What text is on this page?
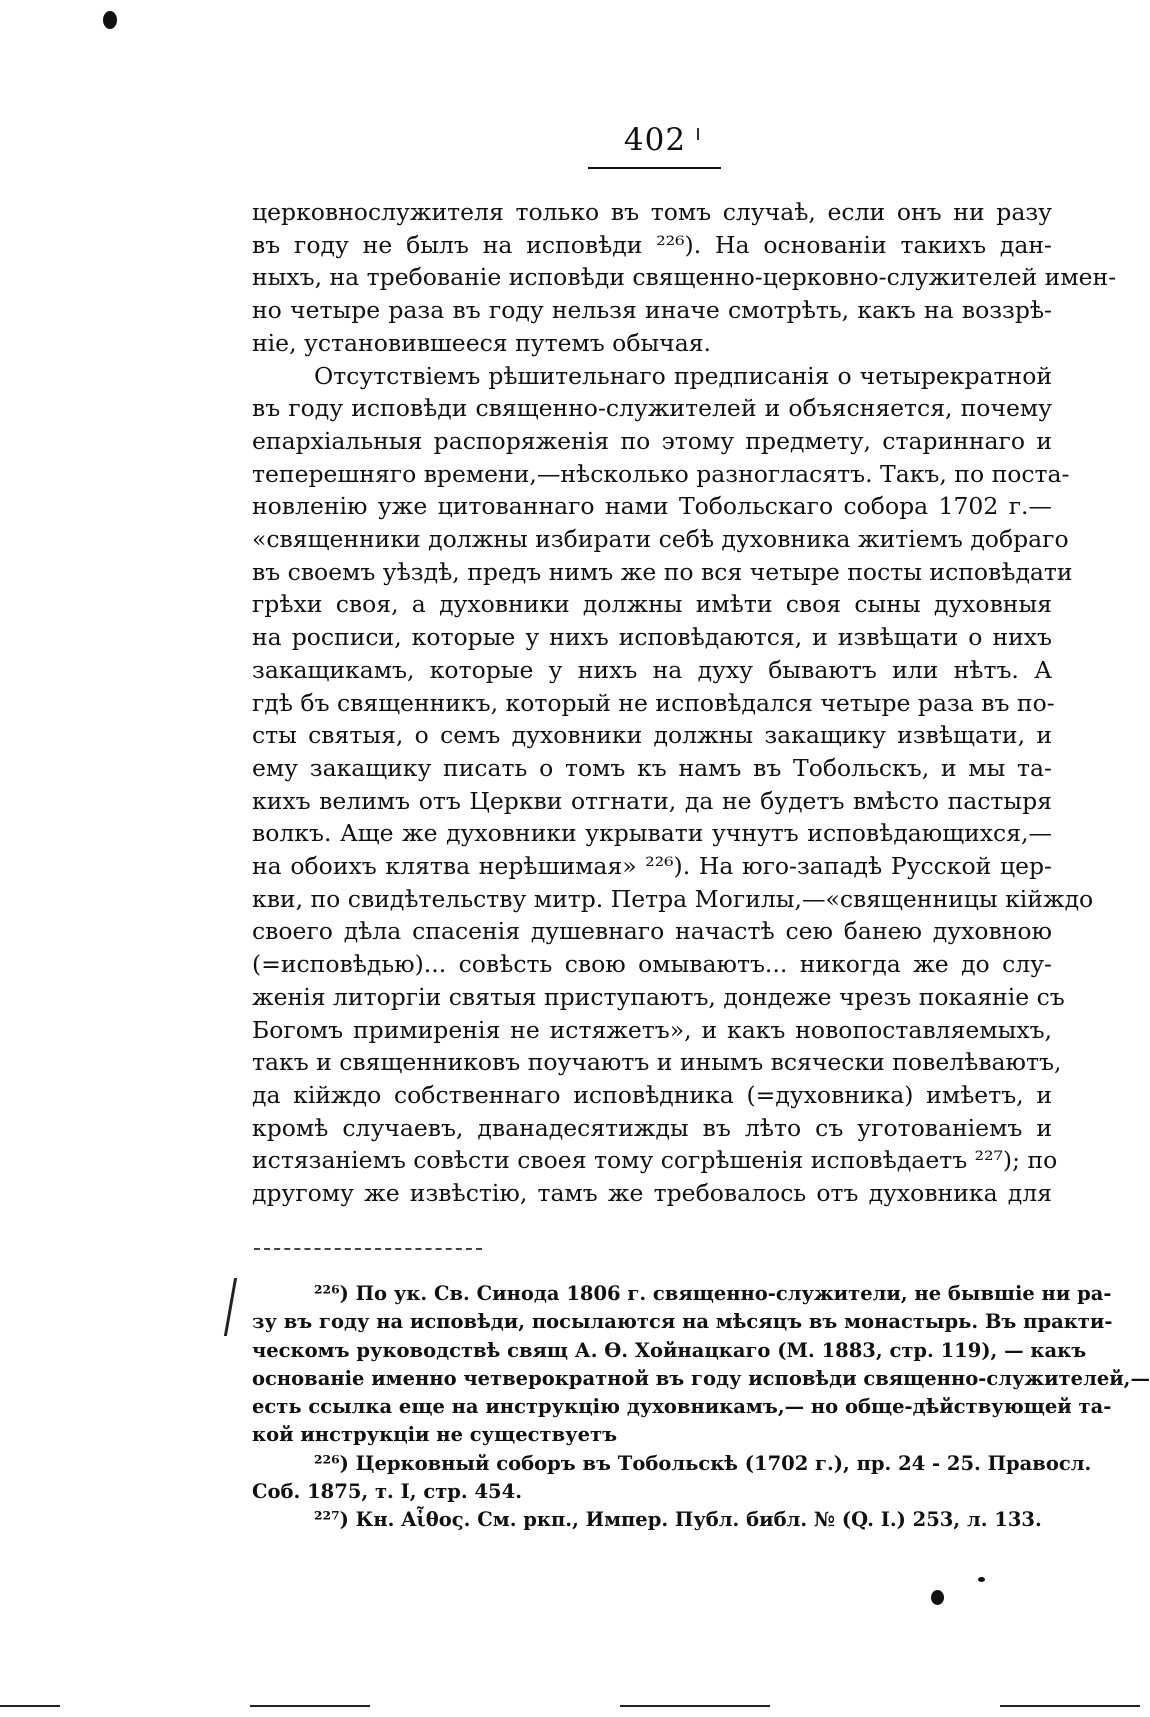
402

церковнослужителя только въ томъ случаѣ, если онъ ни разу
въ году не былъ на исповѣди ²²⁶). На основаніи такихъ дан-
ныхъ, на требованіе исповѣди священно-церковно-служителей имен-
но четыре раза въ году нельзя иначе смотрѣть, какъ на воззрѣ-
ніе, установившееся путемъ обычая.

Отсутствіемъ рѣшительнаго предписанія о четырекратной
въ году исповѣди священно-служителей и объясняется, почему
епархіальныя распоряженія по этому предмету, стариннаго и
теперешняго времени,—нѣсколько разногласятъ. Такъ, по поста-
новленію уже цитованнаго нами Тобольскаго собора 1702 г.—
«священники должны избирати себѣ духовника житіемъ добраго
въ своемъ уѣздѣ, предъ нимъ же по вся четыре посты исповѣдати
грѣхи своя, а духовники должны имѣти своя сыны духовныя
на росписи, которые у нихъ исповѣдаются, и извѣщати о нихъ
закащикамъ, которые у нихъ на духу бываютъ или нѣтъ. А
гдѣ бъ священникъ, который не исповѣдался четыре раза въ по-
сты святыя, о семъ духовники должны закащику извѣщати, и
ему закащику писать о томъ къ намъ въ Тобольскъ, и мы та-
кихъ велимъ отъ Церкви отгнати, да не будетъ вмѣсто пастыря
волкъ. Аще же духовники укрывати учнутъ исповѣдающихся,—
на обоихъ клятва нерѣшимая» ²²⁶). На юго-западѣ Русской цер-
кви, по свидѣтельству митр. Петра Могилы,—«священницы кійждо
своего дѣла спасенія душевнаго начастѣ сею банею духовною
(=исповѣдью)... совѣсть свою омываютъ... никогда же до слу-
женія литоргіи святыя приступаютъ, дондеже чрезъ покаяніе съ
Богомъ примиренія не истяжетъ», и какъ новопоставляемыхъ,
такъ и священниковъ поучаютъ и инымъ всячески повелѣваютъ,
да кійждо собственнаго исповѣдника (=духовника) имѣетъ, и
кромѣ случаевъ, дванадесятижды въ лѣто съ уготованіемъ и
истязаніемъ совѣсти своея тому согрѣшенія исповѣдаетъ ²²⁷); по
другому же извѣстію, тамъ же требовалось отъ духовника для

²²⁶) По ук. Св. Синода 1806 г. священно-служители, не бывшіе ни ра-
зу въ году на исповѣди, посылаются на мѣсяцъ въ монастырь. Въ практи-
ческомъ руководствѣ свящ А. Ѳ. Хойнацкаго (М. 1883, стр. 119), — какъ
основаніе именно четверократной въ году исповѣди священно-служителей,—
есть ссылка еще на инструкцію духовникамъ,— но обще-дѣйствующей та-
кой инструкціи не существуетъ
²²⁶) Церковный соборъ въ Тобольскѣ (1702 г.), пр. 24 - 25. Правосл.
Соб. 1875, т. I, стр. 454.
²²⁷) Кн. Αἶθος. См. ркп., Импер. Публ. библ. № (Q. I.) 253, л. 133.
